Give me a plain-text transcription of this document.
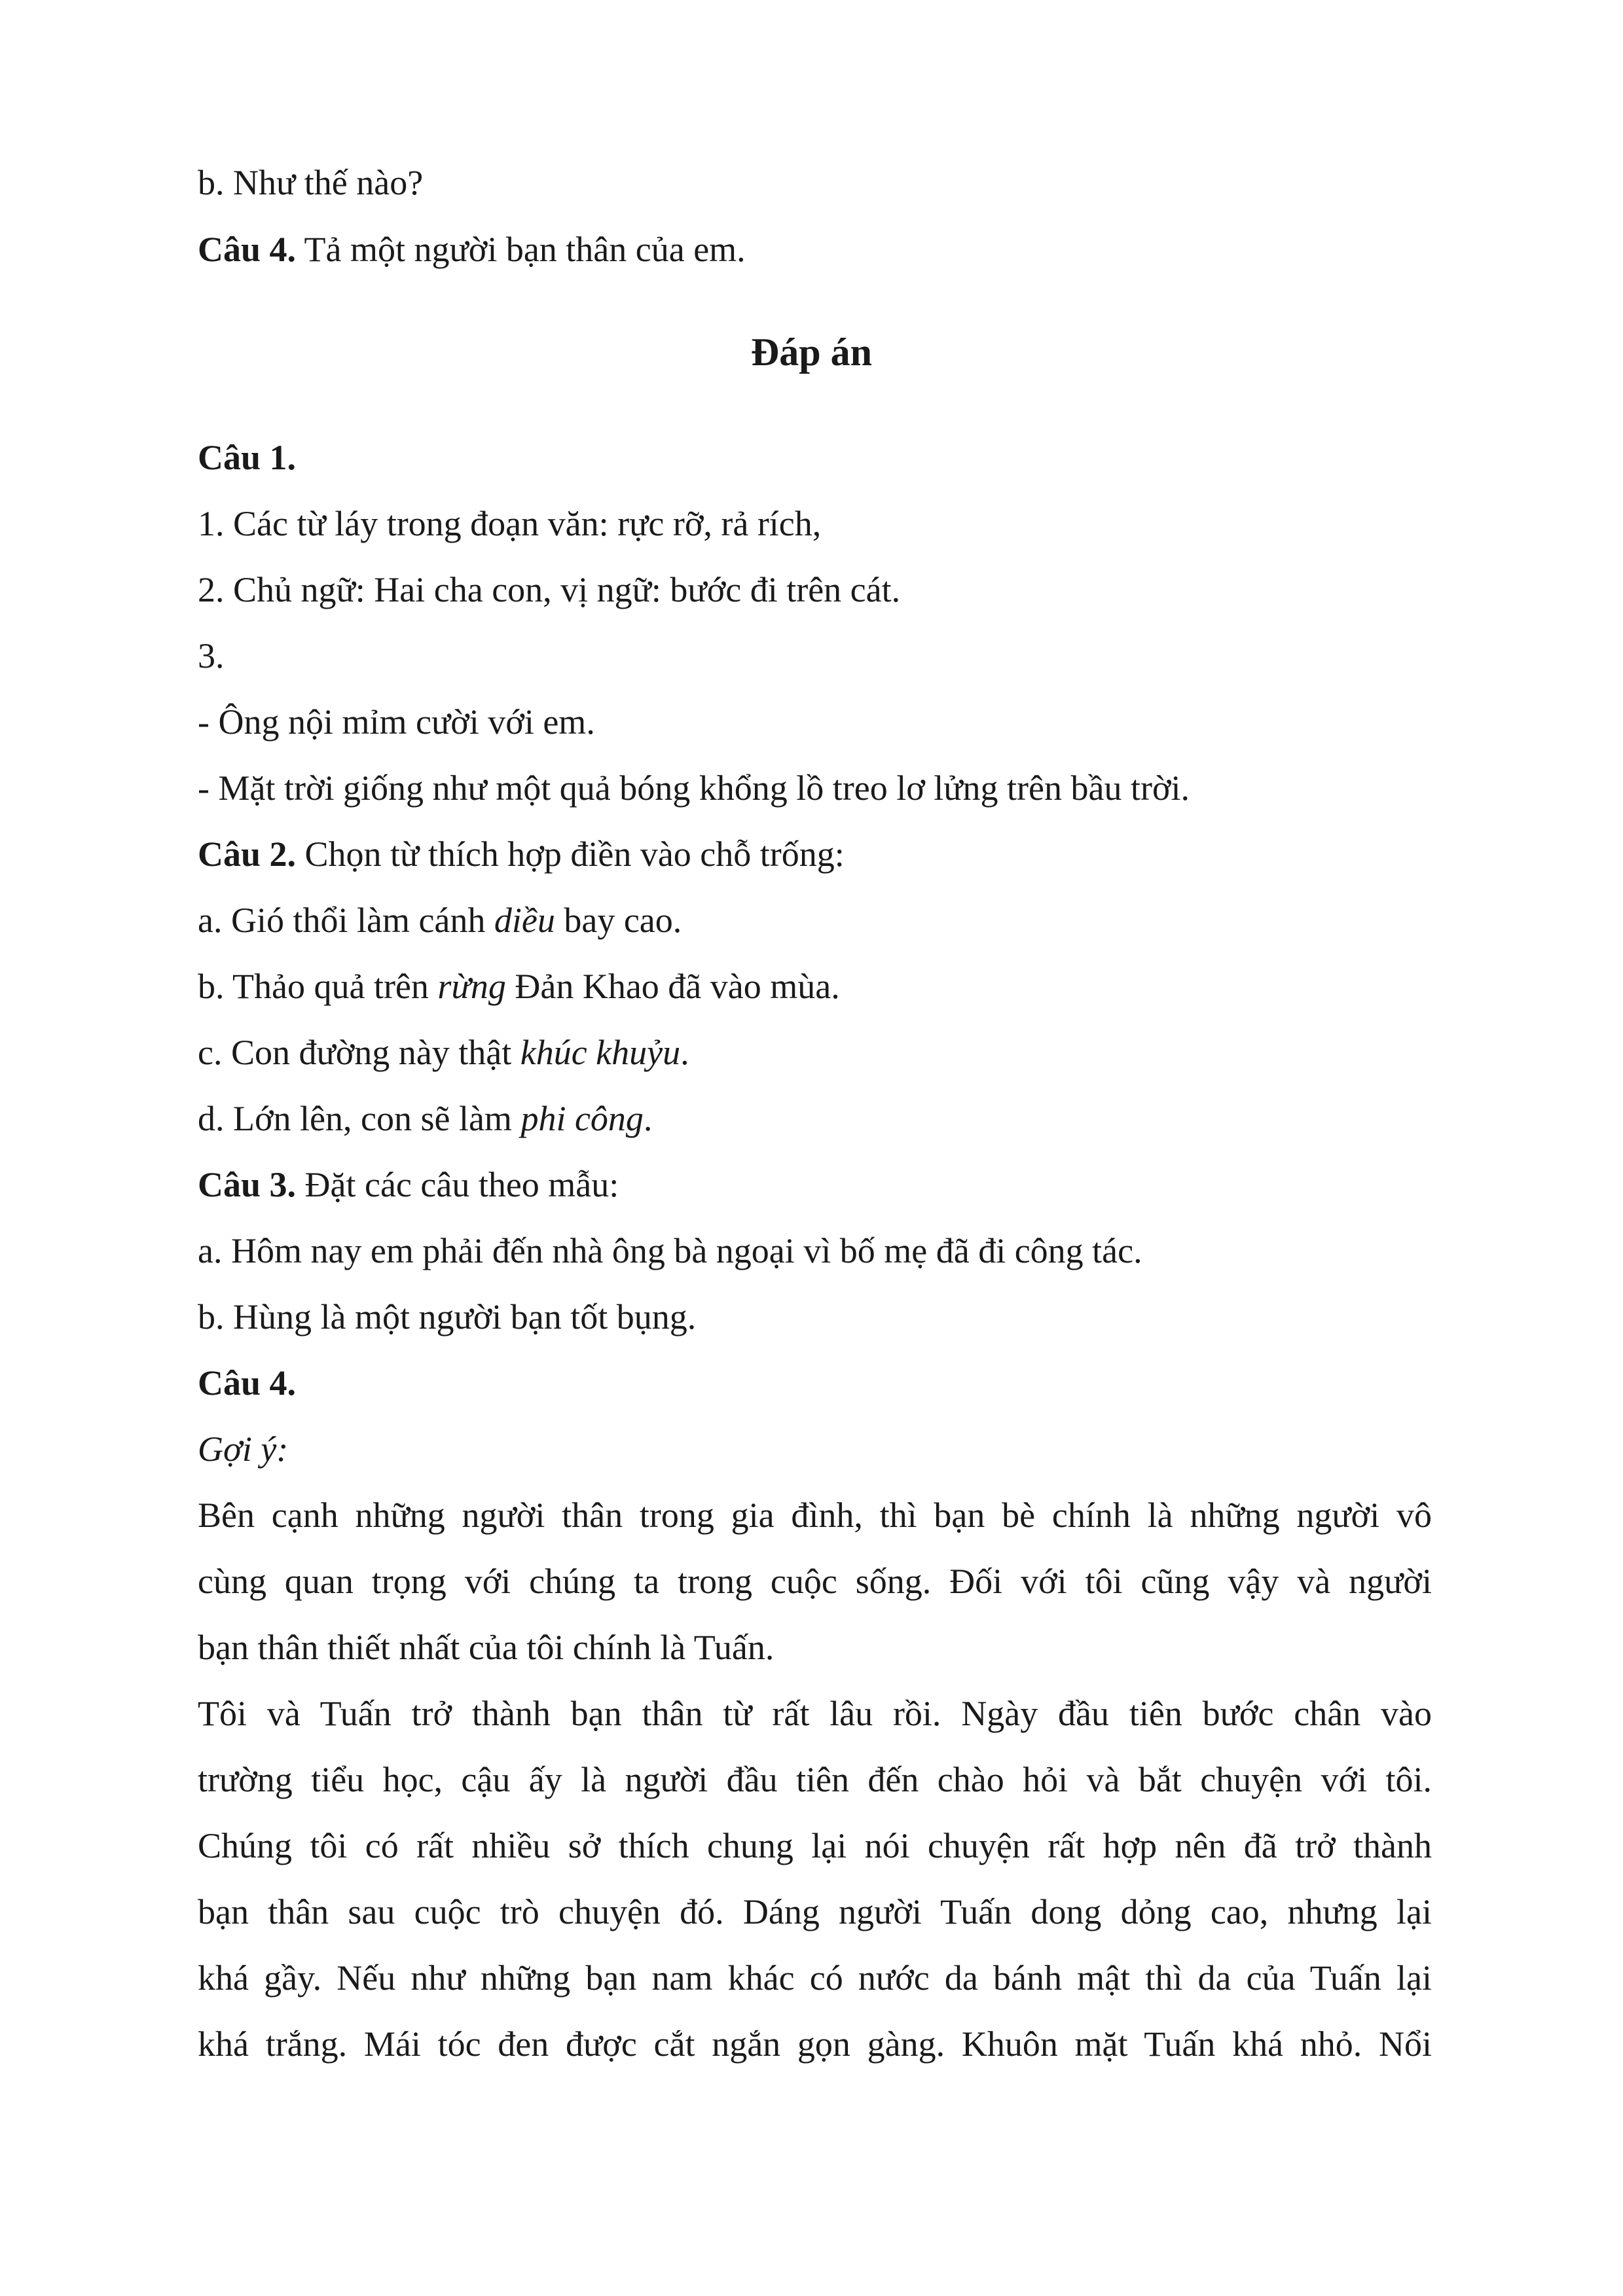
b. Như thế nào?
Câu 4. Tả một người bạn thân của em.
Đáp án
Câu 1.
1. Các từ láy trong đoạn văn: rực rỡ, rả rích,
2. Chủ ngữ: Hai cha con, vị ngữ: bước đi trên cát.
3.
- Ông nội mỉm cười với em.
- Mặt trời giống như một quả bóng khổng lồ treo lơ lửng trên bầu trời.
Câu 2. Chọn từ thích hợp điền vào chỗ trống:
a. Gió thổi làm cánh diều bay cao.
b. Thảo quả trên rừng Đản Khao đã vào mùa.
c. Con đường này thật khúc khuỷu.
d. Lớn lên, con sẽ làm phi công.
Câu 3. Đặt các câu theo mẫu:
a. Hôm nay em phải đến nhà ông bà ngoại vì bố mẹ đã đi công tác.
b. Hùng là một người bạn tốt bụng.
Câu 4.
Gợi ý:
Bên cạnh những người thân trong gia đình, thì bạn bè chính là những người vô
cùng quan trọng với chúng ta trong cuộc sống. Đối với tôi cũng vậy và người
bạn thân thiết nhất của tôi chính là Tuấn.
Tôi và Tuấn trở thành bạn thân từ rất lâu rồi. Ngày đầu tiên bước chân vào
trường tiểu học, cậu ấy là người đầu tiên đến chào hỏi và bắt chuyện với tôi.
Chúng tôi có rất nhiều sở thích chung lại nói chuyện rất hợp nên đã trở thành
bạn thân sau cuộc trò chuyện đó. Dáng người Tuấn dong dỏng cao, nhưng lại
khá gầy. Nếu như những bạn nam khác có nước da bánh mật thì da của Tuấn lại
khá trắng. Mái tóc đen được cắt ngắn gọn gàng. Khuôn mặt Tuấn khá nhỏ. Nổi
